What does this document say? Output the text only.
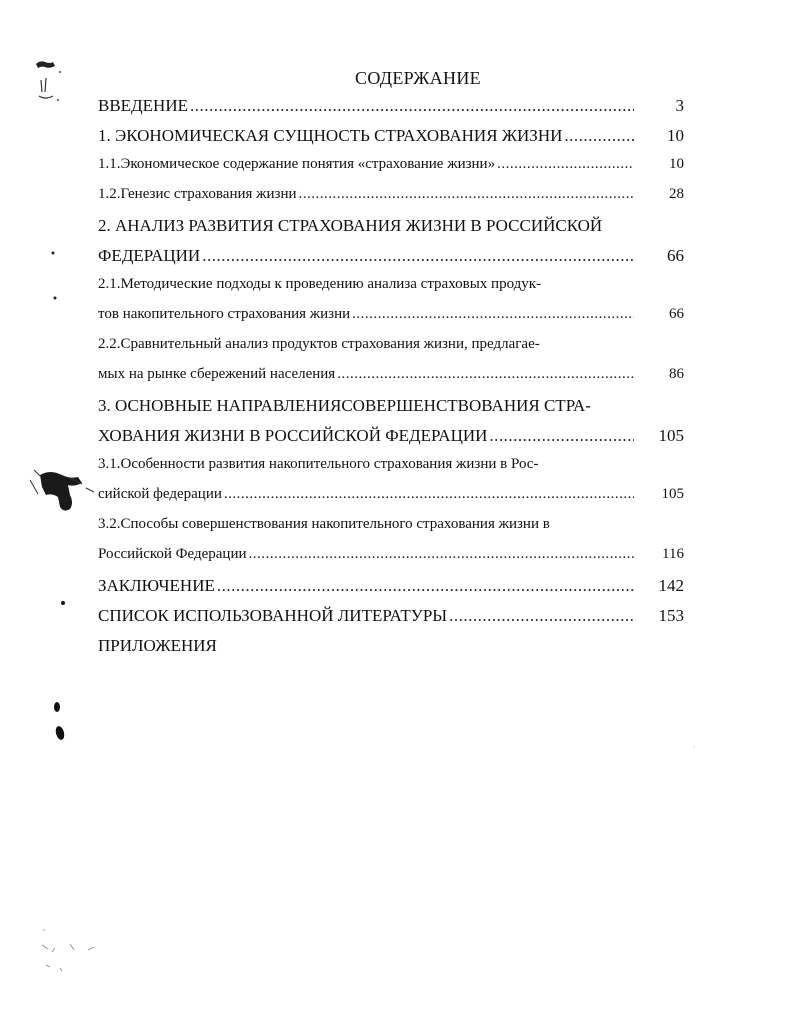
СОДЕРЖАНИЕ
ВВЕДЕНИЕ .....	3
1. ЭКОНОМИЧЕСКАЯ СУЩНОСТЬ СТРАХОВАНИЯ ЖИЗНИ .....	10
1.1.Экономическое содержание понятия «страхование жизни» .....	10
1.2.Генезис страхования жизни .....	28
2. АНАЛИЗ РАЗВИТИЯ СТРАХОВАНИЯ ЖИЗНИ В РОССИЙСКОЙ
ФЕДЕРАЦИИ .....	66
2.1.Методические подходы к проведению анализа страховых продук-
тов накопительного страхования жизни .....	66
2.2.Сравнительный анализ продуктов страхования жизни, предлагае-
мых на рынке сбережений населения .....	86
3. ОСНОВНЫЕ НАПРАВЛЕНИЯСОВЕРШЕНСТВОВАНИЯ СТРА-
ХОВАНИЯ ЖИЗНИ В РОССИЙСКОЙ ФЕДЕРАЦИИ .....	105
3.1.Особенности развития накопительного страхования жизни в Рос-
сийской федерации .....	105
3.2.Способы совершенствования накопительного страхования жизни в
Российской Федерации .....	116
ЗАКЛЮЧЕНИЕ .....	142
СПИСОК ИСПОЛЬЗОВАННОЙ ЛИТЕРАТУРЫ .....	153
ПРИЛОЖЕНИЯ
